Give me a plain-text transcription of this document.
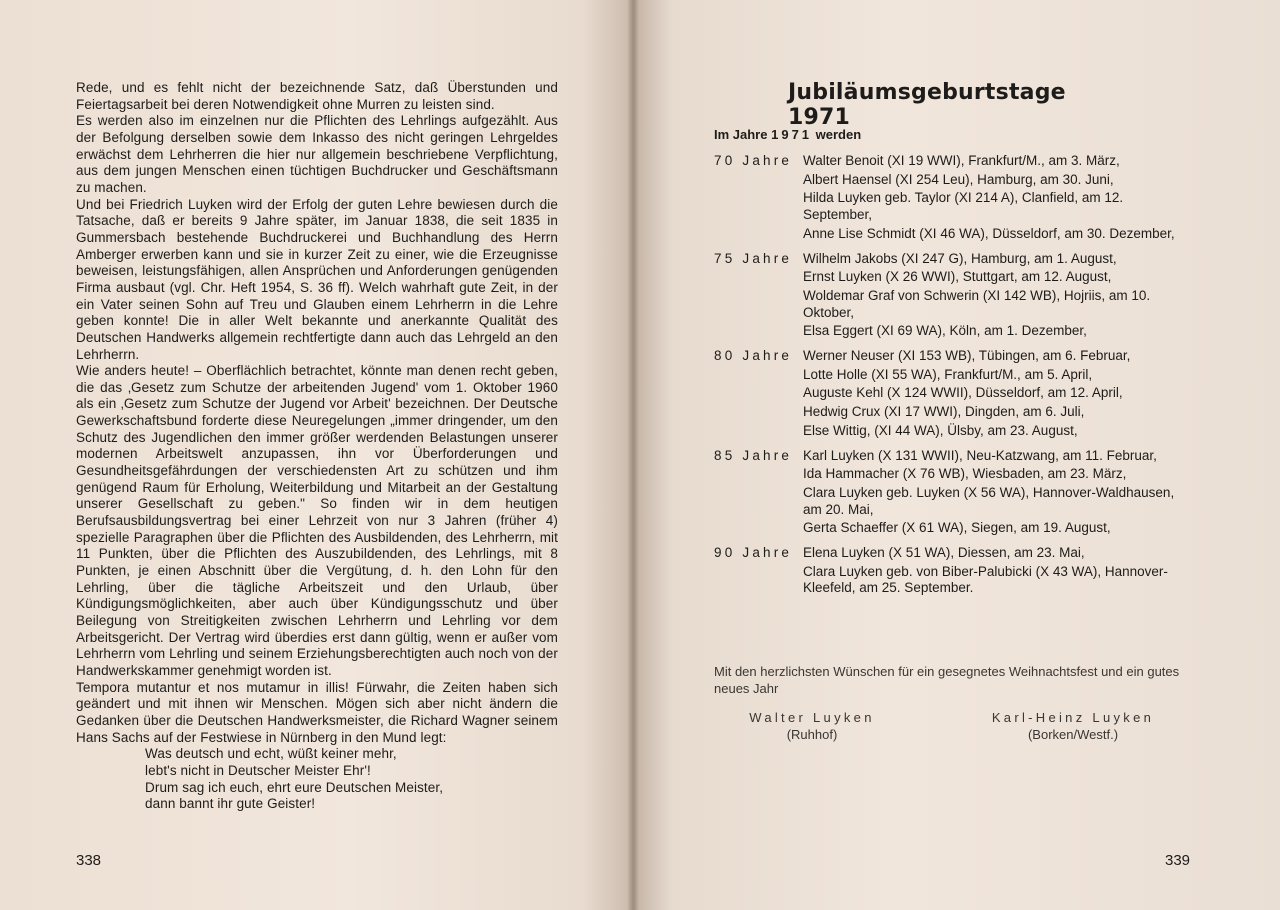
Rede, und es fehlt nicht der bezeichnende Satz, daß Überstunden und Feiertagsarbeit bei deren Notwendigkeit ohne Murren zu leisten sind.

Es werden also im einzelnen nur die Pflichten des Lehrlings aufgezählt. Aus der Befolgung derselben sowie dem Inkasso des nicht geringen Lehrgeldes erwächst dem Lehrherren die hier nur allgemein beschriebene Verpflichtung, aus dem jungen Menschen einen tüchtigen Buchdrucker und Geschäftsmann zu machen.

Und bei Friedrich Luyken wird der Erfolg der guten Lehre bewiesen durch die Tatsache, daß er bereits 9 Jahre später, im Januar 1838, die seit 1835 in Gummersbach bestehende Buchdruckerei und Buchhandlung des Herrn Amberger erwerben kann und sie in kurzer Zeit zu einer, wie die Erzeugnisse beweisen, leistungsfähigen, allen Ansprüchen und Anforderungen genügenden Firma ausbaut (vgl. Chr. Heft 1954, S. 36 ff). Welch wahrhaft gute Zeit, in der ein Vater seinen Sohn auf Treu und Glauben einem Lehrherrn in die Lehre geben konnte! Die in aller Welt bekannte und anerkannte Qualität des Deutschen Handwerks allgemein rechtfertigte dann auch das Lehrgeld an den Lehrherrn.

Wie anders heute! – Oberflächlich betrachtet, könnte man denen recht geben, die das ‚Gesetz zum Schutze der arbeitenden Jugend' vom 1. Oktober 1960 als ein ‚Gesetz zum Schutze der Jugend vor Arbeit' bezeichnen. Der Deutsche Gewerkschaftsbund forderte diese Neuregelungen „immer dringender, um den Schutz des Jugendlichen den immer größer werdenden Belastungen unserer modernen Arbeitswelt anzupassen, ihn vor Überforderungen und Gesundheitsgefährdungen der verschiedensten Art zu schützen und ihm genügend Raum für Erholung, Weiterbildung und Mitarbeit an der Gestaltung unserer Gesellschaft zu geben." So finden wir in dem heutigen Berufsausbildungsvertrag bei einer Lehrzeit von nur 3 Jahren (früher 4) spezielle Paragraphen über die Pflichten des Ausbildenden, des Lehrherrn, mit 11 Punkten, über die Pflichten des Auszubildenden, des Lehrlings, mit 8 Punkten, je einen Abschnitt über die Vergütung, d. h. den Lohn für den Lehrling, über die tägliche Arbeitszeit und den Urlaub, über Kündigungsmöglichkeiten, aber auch über Kündigungsschutz und über Beilegung von Streitigkeiten zwischen Lehrherrn und Lehrling vor dem Arbeitsgericht. Der Vertrag wird überdies erst dann gültig, wenn er außer vom Lehrherrn vom Lehrling und seinem Erziehungsberechtigten auch noch von der Handwerkskammer genehmigt worden ist.

Tempora mutantur et nos mutamur in illis! Fürwahr, die Zeiten haben sich geändert und mit ihnen wir Menschen. Mögen sich aber nicht ändern die Gedanken über die Deutschen Handwerksmeister, die Richard Wagner seinem Hans Sachs auf der Festwiese in Nürnberg in den Mund legt:

Was deutsch und echt, wüßt keiner mehr,
lebt's nicht in Deutscher Meister Ehr'!
Drum sag ich euch, ehrt eure Deutschen Meister,
dann bannt ihr gute Geister!
338
Jubiläumsgeburtstage 1971
Im Jahre 1971 werden
70 Jahre Walter Benoit (XI 19 WWI), Frankfurt/M., am 3. März,
Albert Haensel (XI 254 Leu), Hamburg, am 30. Juni,
Hilda Luyken geb. Taylor (XI 214 A), Clanfield, am 12. September,
Anne Lise Schmidt (XI 46 WA), Düsseldorf, am 30. Dezember,
75 Jahre Wilhelm Jakobs (XI 247 G), Hamburg, am 1. August,
Ernst Luyken (X 26 WWI), Stuttgart, am 12. August,
Woldemar Graf von Schwerin (XI 142 WB), Hojriis, am 10. Oktober,
Elsa Eggert (XI 69 WA), Köln, am 1. Dezember,
80 Jahre Werner Neuser (XI 153 WB), Tübingen, am 6. Februar,
Lotte Holle (XI 55 WA), Frankfurt/M., am 5. April,
Auguste Kehl (X 124 WWII), Düsseldorf, am 12. April,
Hedwig Crux (XI 17 WWI), Dingden, am 6. Juli,
Else Wittig, (XI 44 WA), Ülsby, am 23. August,
85 Jahre Karl Luyken (X 131 WWII), Neu-Katzwang, am 11. Februar,
Ida Hammacher (X 76 WB), Wiesbaden, am 23. März,
Clara Luyken geb. Luyken (X 56 WA), Hannover-Waldhausen, am 20. Mai,
Gerta Schaeffer (X 61 WA), Siegen, am 19. August,
90 Jahre Elena Luyken (X 51 WA), Diessen, am 23. Mai,
Clara Luyken geb. von Biber-Palubicki (X 43 WA), Hannover-Kleefeld, am 25. September.
Mit den herzlichsten Wünschen für ein gesegnetes Weihnachtsfest und ein gutes neues Jahr
Walter Luyken
(Ruhhof)
Karl-Heinz Luyken
(Borken/Westf.)
339
